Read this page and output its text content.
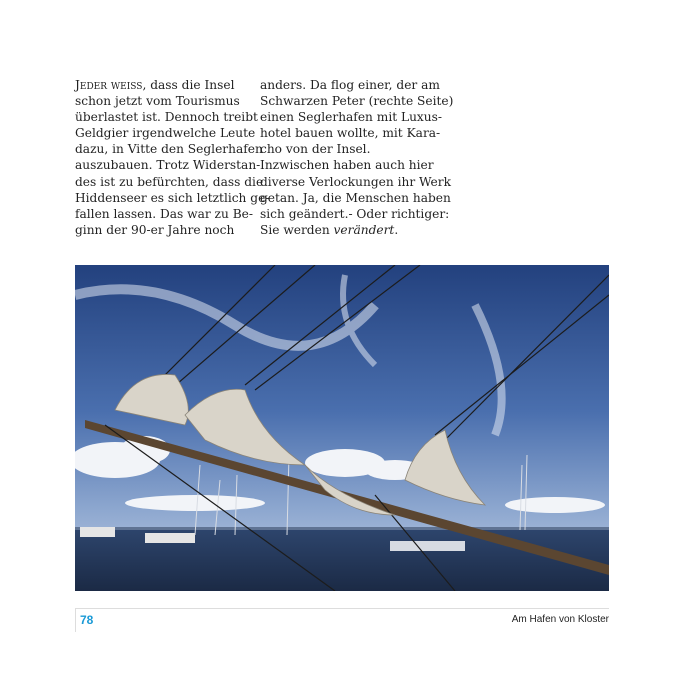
Jeder weiss, dass die Insel
schon jetzt vom Tourismus
überlastet ist. Dennoch treibt
Geldgier irgendwelche Leute
dazu, in Vitte den Seglerhafen
auszubauen. Trotz Widerstan-
des ist zu befürchten, dass die
Hiddenseer es sich letztlich ge-
fallen lassen. Das war zu Be-
ginn der 90-er Jahre noch
anders. Da flog einer, der am
Schwarzen Peter (rechte Seite)
einen Seglerhafen mit Luxus-
hotel bauen wollte, mit Kara-
cho von der Insel.
Inzwischen haben auch hier
diverse Verlockungen ihr Werk
getan. Ja, die Menschen haben
sich geändert.- Oder richtiger:
Sie werden verändert.
78	Am Hafen von Kloster
